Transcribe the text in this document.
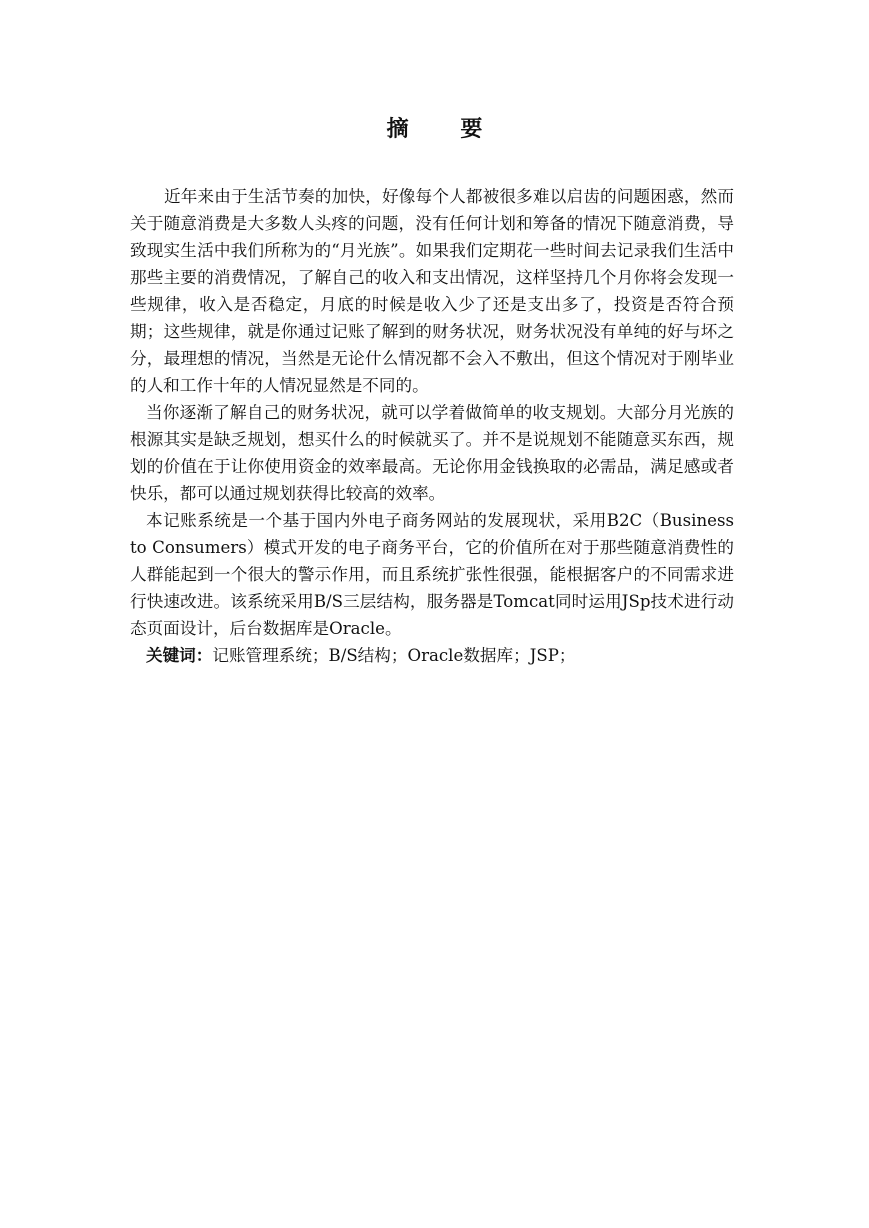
摘 要

近年来由于生活节奏的加快，好像每个人都被很多难以启齿的问题困惑，然而关于随意消费是大多数人头疼的问题，没有任何计划和筹备的情况下随意消费，导致现实生活中我们所称为的“月光族”。如果我们定期花一些时间去记录我们生活中那些主要的消费情况，了解自己的收入和支出情况，这样坚持几个月你将会发现一些规律，收入是否稳定，月底的时候是收入少了还是支出多了，投资是否符合预期；这些规律，就是你通过记账了解到的财务状况，财务状况没有单纯的好与坏之分，最理想的情况，当然是无论什么情况都不会入不敷出，但这个情况对于刚毕业的人和工作十年的人情况显然是不同的。

当你逐渐了解自己的财务状况，就可以学着做简单的收支规划。大部分月光族的根源其实是缺乏规划，想买什么的时候就买了。并不是说规划不能随意买东西，规划的价值在于让你使用资金的效率最高。无论你用金钱换取的必需品，满足感或者快乐，都可以通过规划获得比较高的效率。

本记账系统是一个基于国内外电子商务网站的发展现状，采用B2C（Business to Consumers）模式开发的电子商务平台，它的价值所在对于那些随意消费性的人群能起到一个很大的警示作用，而且系统扩张性很强，能根据客户的不同需求进行快速改进。该系统采用B/S三层结构，服务器是Tomcat同时运用JSp技术进行动态页面设计，后台数据库是Oracle。

关键词：记账管理系统；B/S结构；Oracle数据库；JSP；
